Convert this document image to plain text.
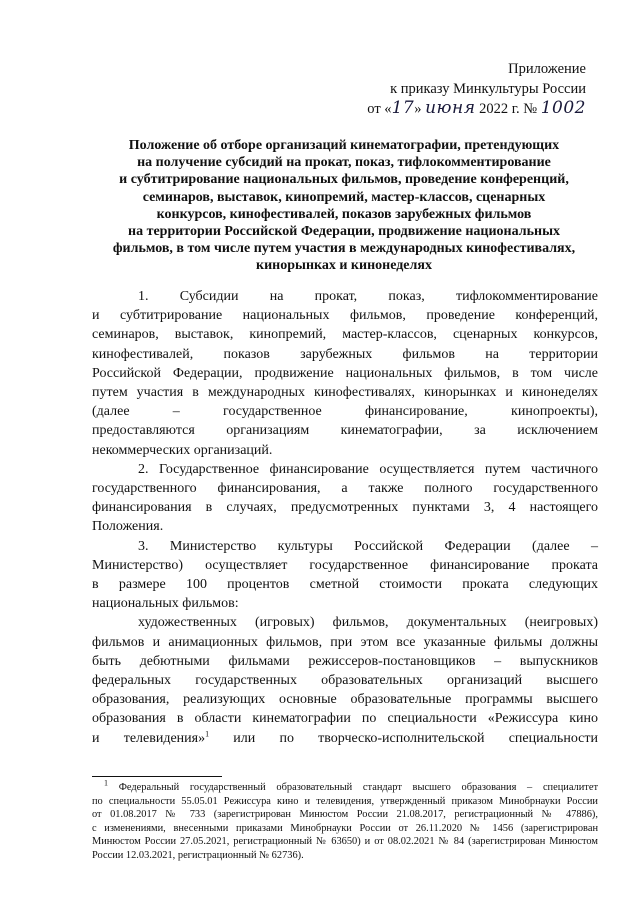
Приложение
к приказу Минкультуры России
от «17» июня 2022 г. № 1002
Положение об отборе организаций кинематографии, претендующих
на получение субсидий на прокат, показ, тифлокомментирование
и субтитрирование национальных фильмов, проведение конференций,
семинаров, выставок, кинопремий, мастер-классов, сценарных
конкурсов, кинофестивалей, показов зарубежных фильмов
на территории Российской Федерации, продвижение национальных
фильмов, в том числе путем участия в международных кинофестивалях,
кинорынках и кинонеделях

1. Субсидии на прокат, показ, тифлокомментирование
и субтитрирование национальных фильмов, проведение конференций,
семинаров, выставок, кинопремий, мастер-классов, сценарных конкурсов,
кинофестивалей, показов зарубежных фильмов на территории
Российской Федерации, продвижение национальных фильмов, в том числе
путем участия в международных кинофестивалях, кинорынках и кинонеделях
(далее – государственное финансирование, кинопроекты),
предоставляются организациям кинематографии, за исключением
некоммерческих организаций.

2. Государственное финансирование осуществляется путем частичного
государственного финансирования, а также полного государственного
финансирования в случаях, предусмотренных пунктами 3, 4 настоящего
Положения.

3. Министерство культуры Российской Федерации (далее –
Министерство) осуществляет государственное финансирование проката
в размере 100 процентов сметной стоимости проката следующих
национальных фильмов:

художественных (игровых) фильмов, документальных (неигровых)
фильмов и анимационных фильмов, при этом все указанные фильмы должны
быть дебютными фильмами режиссеров-постановщиков – выпускников
федеральных государственных образовательных организаций высшего
образования, реализующих основные образовательные программы высшего
образования в области кинематографии по специальности «Режиссура кино
и телевидения»$^1$ или по творческо-исполнительской специальности

$^1$ Федеральный государственный образовательный стандарт высшего образования – специалитет
по специальности 55.05.01 Режиссура кино и телевидения, утвержденный приказом Минобрнауки России
от 01.08.2017 № 733 (зарегистрирован Минюстом России 21.08.2017, регистрационный № 47886),
с изменениями, внесенными приказами Минобрнауки России от 26.11.2020 № 1456 (зарегистрирован
Минюстом России 27.05.2021, регистрационный № 63650) и от 08.02.2021 № 84 (зарегистрирован Минюстом
России 12.03.2021, регистрационный № 62736).
